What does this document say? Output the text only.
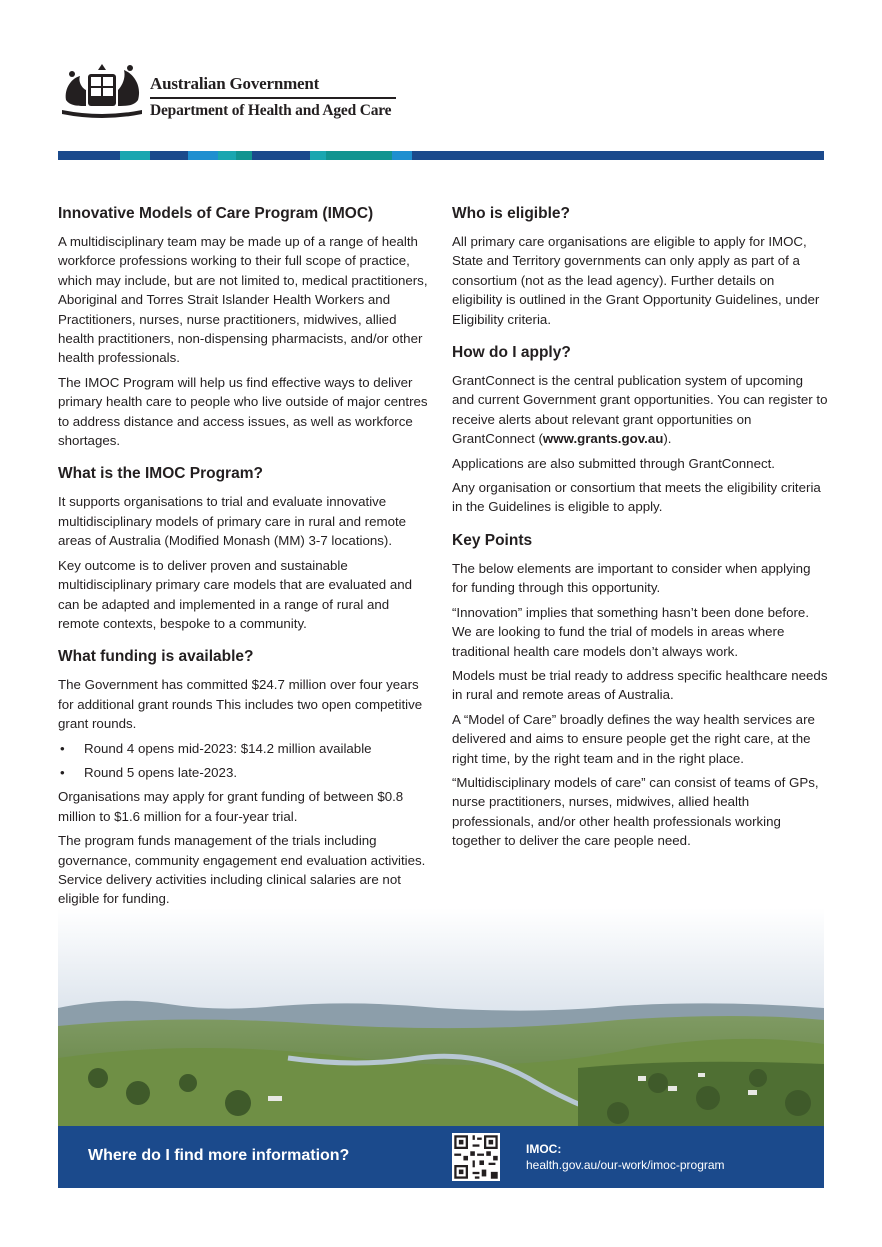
Australian Government
Department of Health and Aged Care
Innovative Models of Care Program (IMOC)

A multidisciplinary team may be made up of a range of health workforce professions working to their full scope of practice, which may include, but are not limited to, medical practitioners, Aboriginal and Torres Strait Islander Health Workers and Practitioners, nurses, nurse practitioners, midwives, allied health practitioners, non-dispensing pharmacists, and/or other health professionals.

The IMOC Program will help us find effective ways to deliver primary health care to people who live outside of major centres to address distance and access issues, as well as workforce shortages.

What is the IMOC Program?

It supports organisations to trial and evaluate innovative multidisciplinary models of primary care in rural and remote areas of Australia (Modified Monash (MM) 3-7 locations).

Key outcome is to deliver proven and sustainable multidisciplinary primary care models that are evaluated and can be adapted and implemented in a range of rural and remote contexts, bespoke to a community.

What funding is available?

The Government has committed $24.7 million over four years for additional grant rounds This includes two open competitive grant rounds.

• Round 4 opens mid-2023: $14.2 million available
• Round 5 opens late-2023.

Organisations may apply for grant funding of between $0.8 million to $1.6 million for a four-year trial.

The program funds management of the trials including governance, community engagement end evaluation activities. Service delivery activities including clinical salaries are not eligible for funding.

Who is eligible?

All primary care organisations are eligible to apply for IMOC, State and Territory governments can only apply as part of a consortium (not as the lead agency). Further details on eligibility is outlined in the Grant Opportunity Guidelines, under Eligibility criteria.

How do I apply?

GrantConnect is the central publication system of upcoming and current Government grant opportunities. You can register to receive alerts about relevant grant opportunities on GrantConnect (www.grants.gov.au).

Applications are also submitted through GrantConnect.

Any organisation or consortium that meets the eligibility criteria in the Guidelines is eligible to apply.

Key Points

The below elements are important to consider when applying for funding through this opportunity.

“Innovation” implies that something hasn’t been done before. We are looking to fund the trial of models in areas where traditional health care models don’t always work.

Models must be trial ready to address specific healthcare needs in rural and remote areas of Australia.

A “Model of Care” broadly defines the way health services are delivered and aims to ensure people get the right care, at the right time, by the right team and in the right place.

“Multidisciplinary models of care” can consist of teams of GPs, nurse practitioners, nurses, midwives, allied health professionals, and/or other health professionals working together to deliver the care people need.

Where do I find more information?	IMOC:
health.gov.au/our-work/imoc-program
